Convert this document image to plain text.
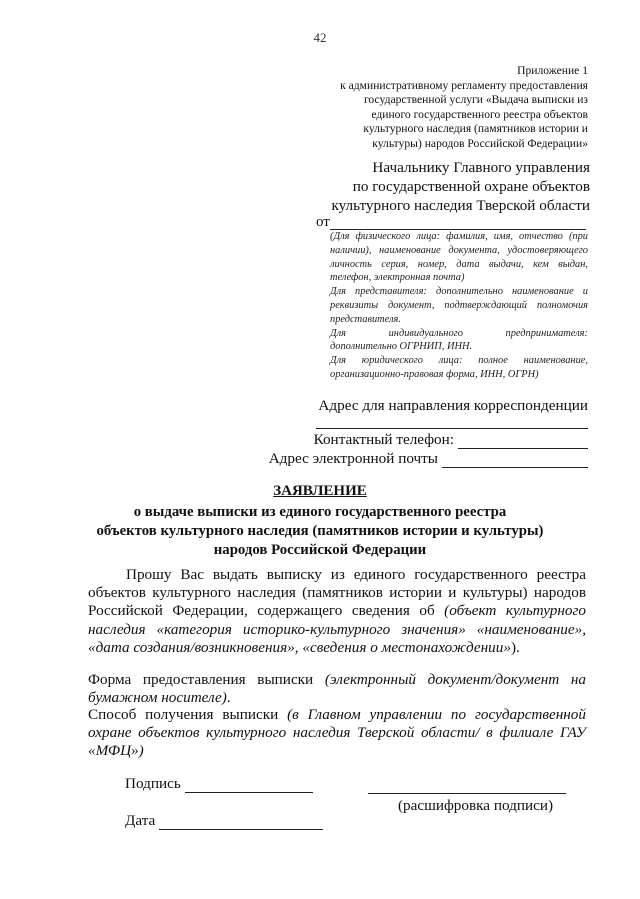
42
Приложение 1
к административному регламенту предоставления
государственной услуги «Выдача выписки из
единого государственного реестра объектов
культурного наследия (памятников истории и
культуры) народов Российской Федерации»
Начальнику Главного управления
по государственной охране объектов
культурного наследия Тверской области
от
(Для физического лица: фамилия, имя, отчество (при наличии), наименование документа, удостоверяющего личность серия, номер, дата выдачи, кем выдан, телефон, электронная почта)
Для представителя: дополнительно наименование и реквизиты документ, подтверждающий полномочия представителя.
Для	индивидуального	предпринимателя:
дополнительно ОГРНИП, ИНН.
Для юридического лица: полное наименование, организационно-правовая форма, ИНН, ОГРН)
Адрес для направления корреспонденции
Контактный телефон:
Адрес электронной почты
ЗАЯВЛЕНИЕ
о выдаче выписки из единого государственного реестра
объектов культурного наследия (памятников истории и культуры)
народов Российской Федерации
Прошу Вас выдать выписку из единого государственного реестра объектов культурного наследия (памятников истории и культуры) народов Российской Федерации, содержащего сведения об (объект культурного наследия «категория историко-культурного значения» «наименование», «дата создания/возникновения», «сведения о местонахождении»).
Форма предоставления выписки (электронный документ/документ на бумажном носителе).
Способ получения выписки (в Главном управлении по государственной охране объектов культурного наследия Тверской области/ в филиале ГАУ «МФЦ»)
Подпись
(расшифровка подписи)
Дата
